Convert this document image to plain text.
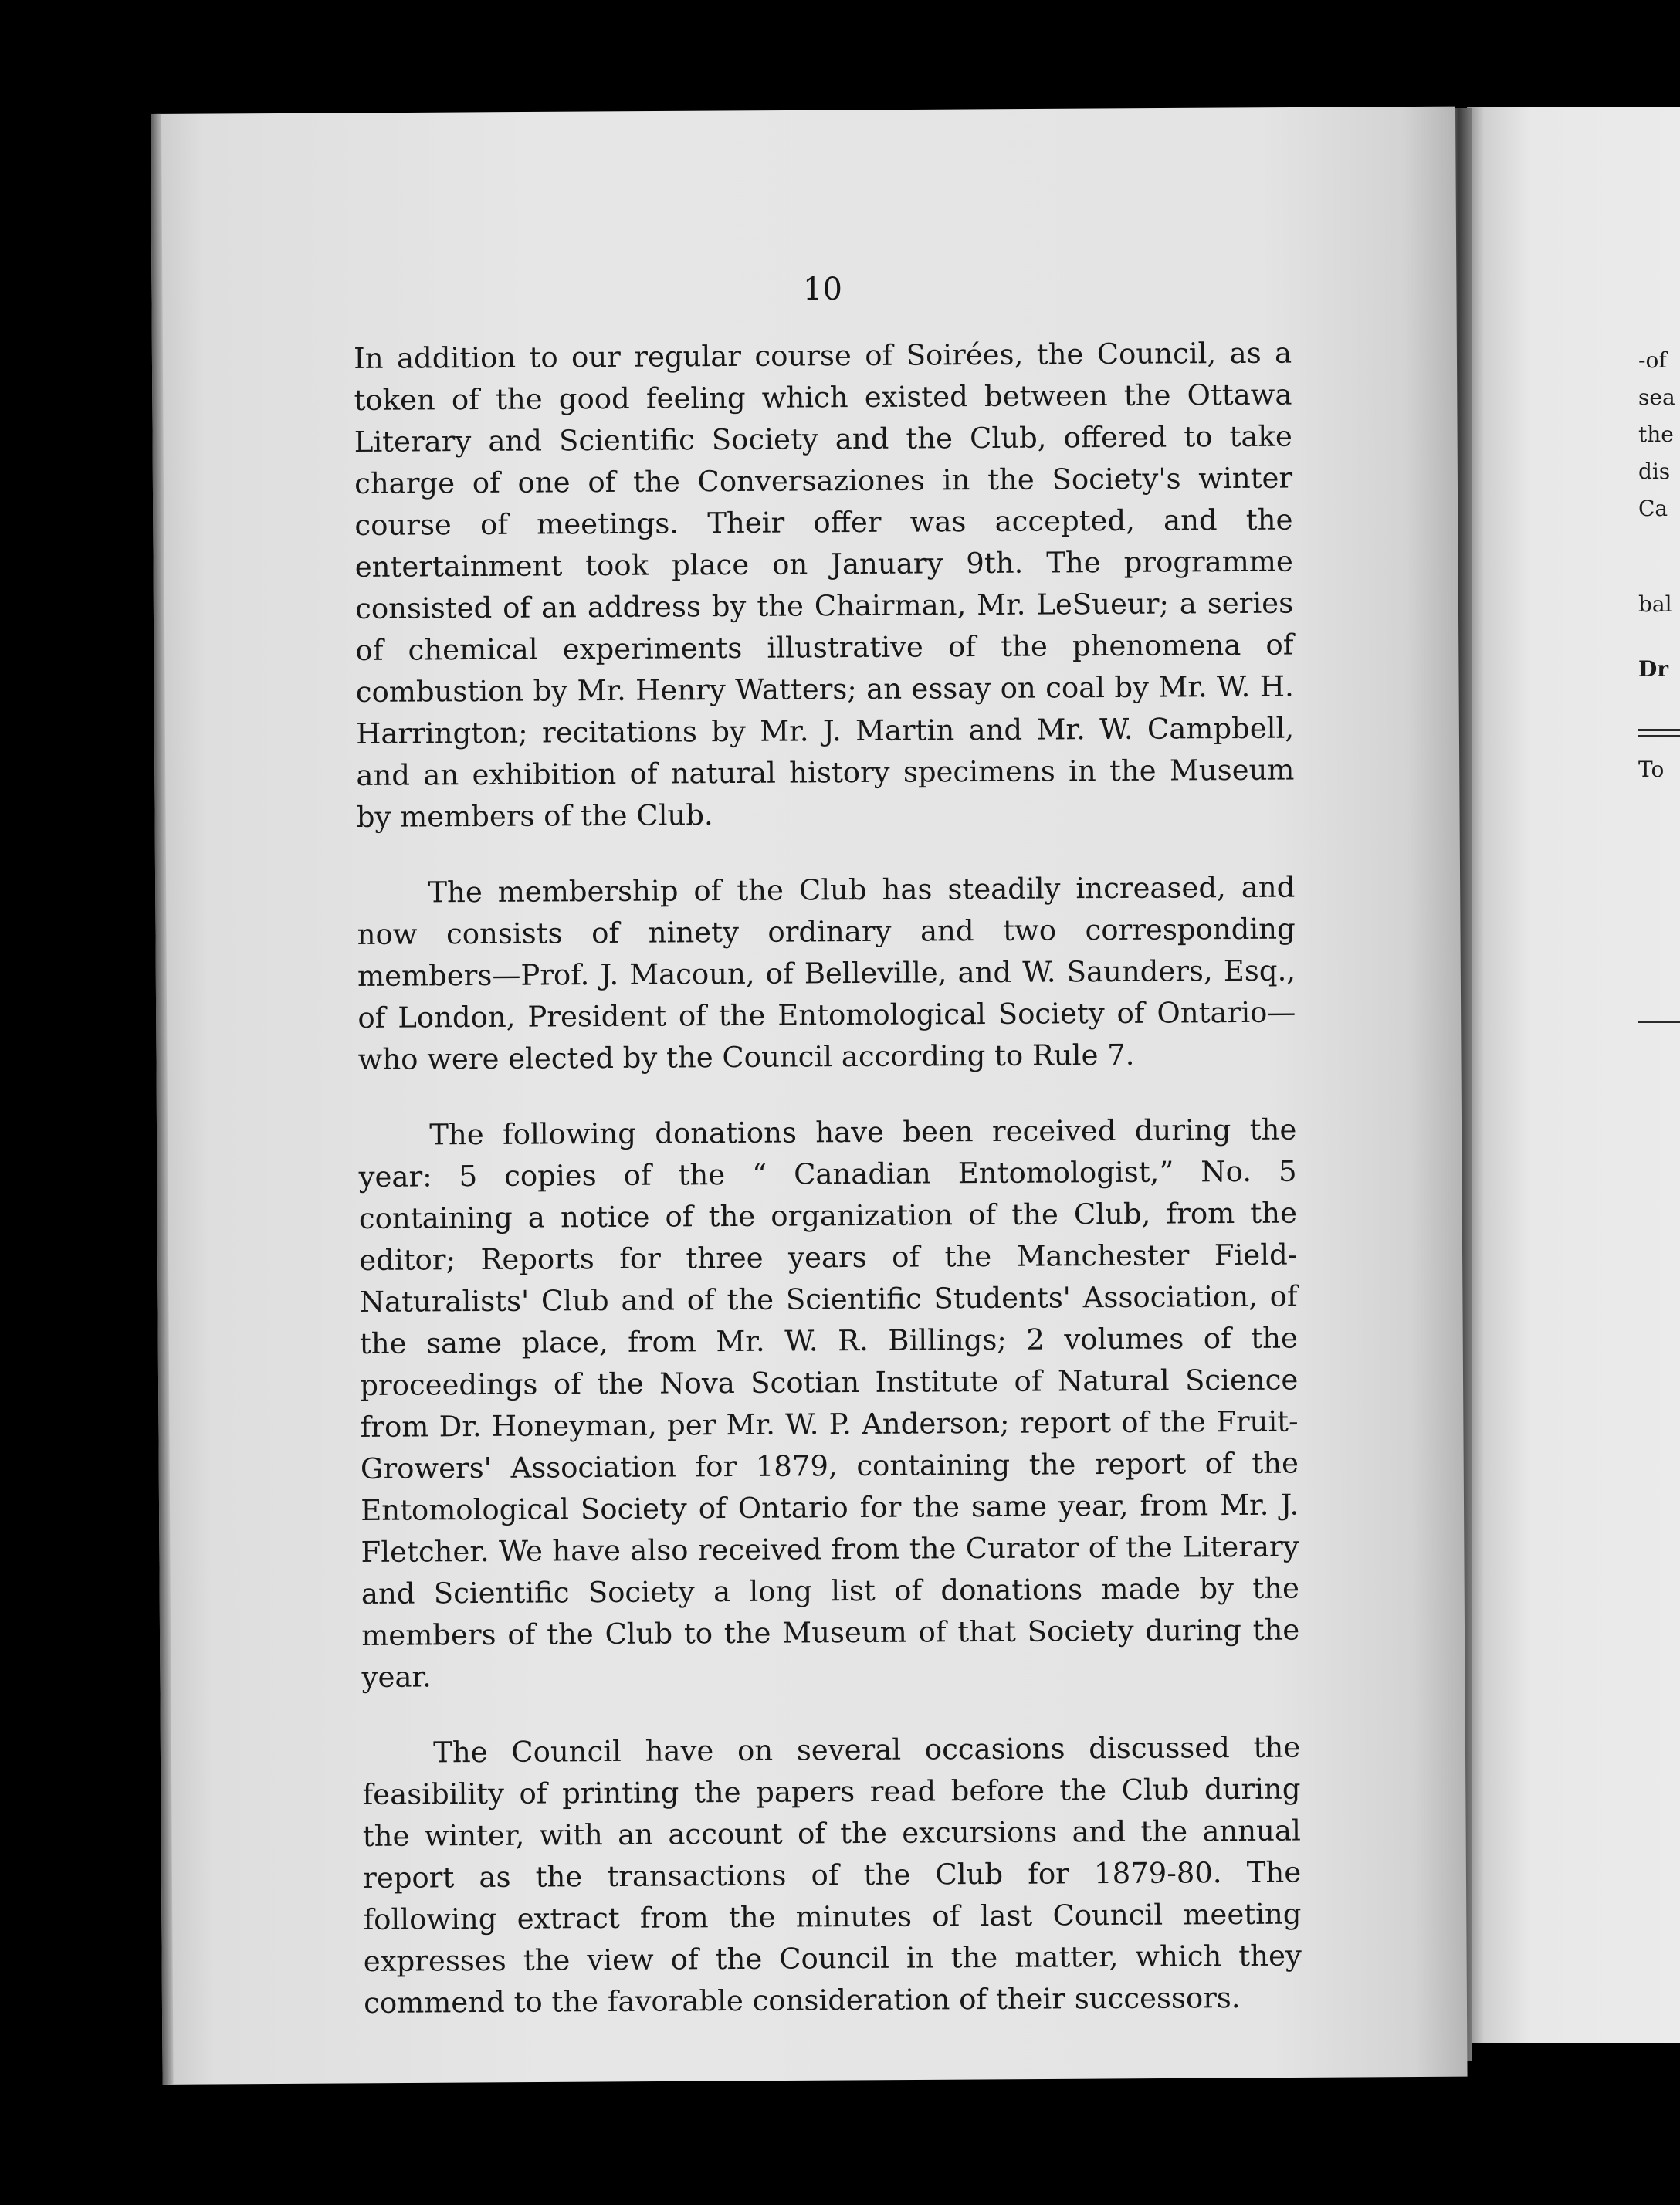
10

In addition to our regular course of Soirées, the Council, as a token of the good feeling which existed between the Ottawa Literary and Scientific Society and the Club, offered to take charge of one of the Conversaziones in the Society's winter course of meetings. Their offer was accepted, and the entertainment took place on January 9th. The programme consisted of an address by the Chairman, Mr. LeSueur; a series of chemical experiments illustrative of the phenomena of combustion by Mr. Henry Watters; an essay on coal by Mr. W. H. Harrington; recitations by Mr. J. Martin and Mr. W. Campbell, and an exhibition of natural history specimens in the Museum by members of the Club.

The membership of the Club has steadily increased, and now consists of ninety ordinary and two corresponding members—Prof. J. Macoun, of Belleville, and W. Saunders, Esq., of London, President of the Entomological Society of Ontario—who were elected by the Council according to Rule 7.

The following donations have been received during the year: 5 copies of the “ Canadian Entomologist,” No. 5 containing a notice of the organization of the Club, from the editor; Reports for three years of the Manchester Field-Naturalists' Club and of the Scientific Students' Association, of the same place, from Mr. W. R. Billings; 2 volumes of the proceedings of the Nova Scotian Institute of Natural Science from Dr. Honeyman, per Mr. W. P. Anderson; report of the Fruit-Growers' Association for 1879, containing the report of the Entomological Society of Ontario for the same year, from Mr. J. Fletcher. We have also received from the Curator of the Literary and Scientific Society a long list of donations made by the members of the Club to the Museum of that Society during the year.

The Council have on several occasions discussed the feasibility of printing the papers read before the Club during the winter, with an account of the excursions and the annual report as the transactions of the Club for 1879-80. The following extract from the minutes of last Council meeting expresses the view of the Council in the matter, which they commend to the favorable consideration of their successors.

-of
sea
the
dis
Ca
bal
Dr
To
